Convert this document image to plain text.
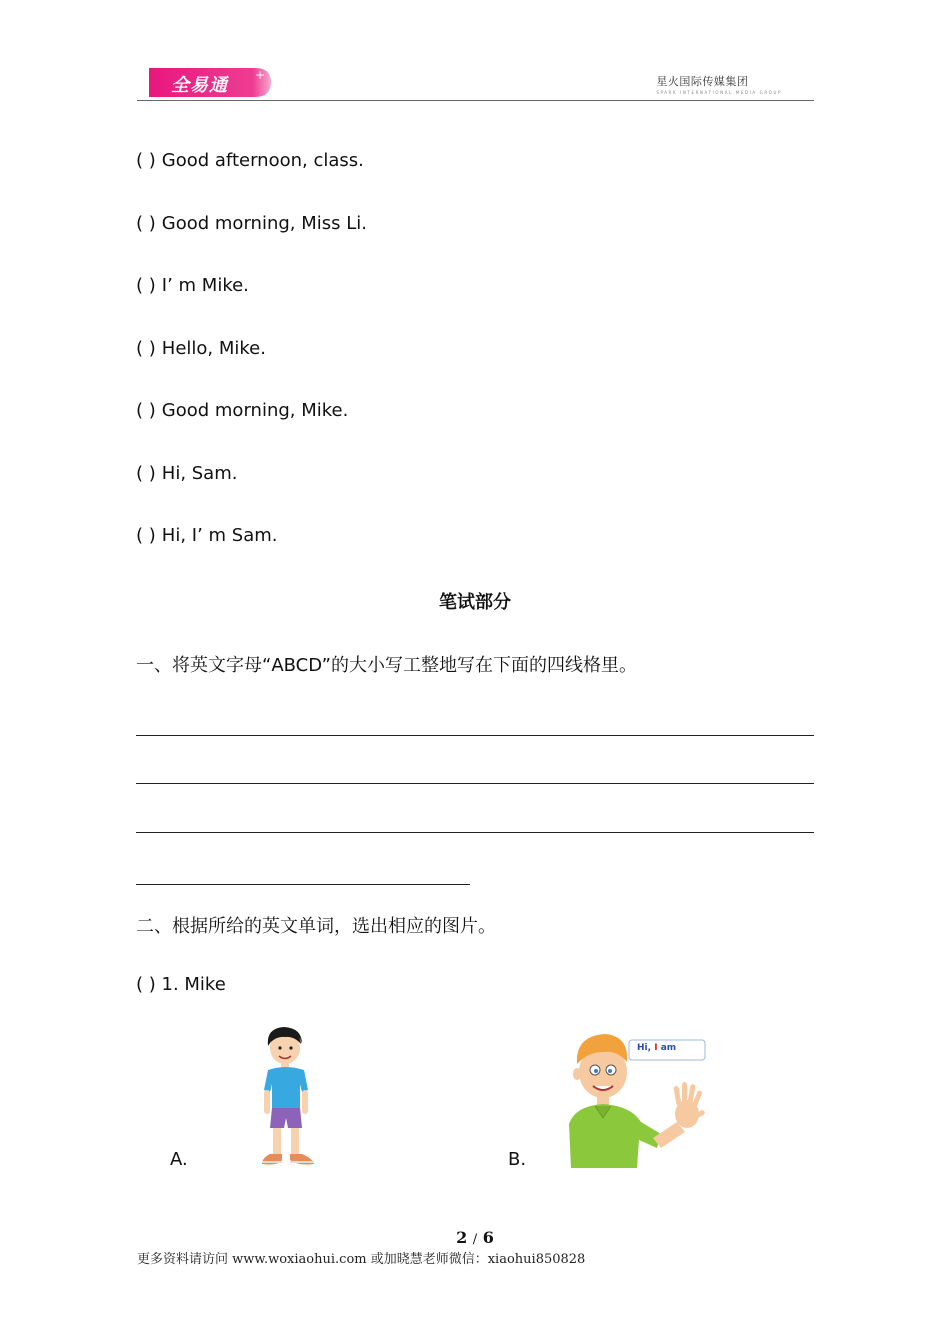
+
全易通	星火国际传媒集团
SPARK INTERNATIONAL MEDIA GROUP
( ) Good afternoon, class.
( ) Good morning, Miss Li.
( ) I’ m Mike.
( ) Hello, Mike.
( ) Good morning, Mike.
( ) Hi, Sam.
( ) Hi, I’ m Sam.
笔试部分
一、将英文字母“ABCD”的大小写工整地写在下面的四线格里。
二、根据所给的英文单词，选出相应的图片。
( ) 1. Mike
A.	B.
Hi, I am
2 / 6
更多资料请访问 www.woxiaohui.com 或加晓慧老师微信：xiaohui850828
